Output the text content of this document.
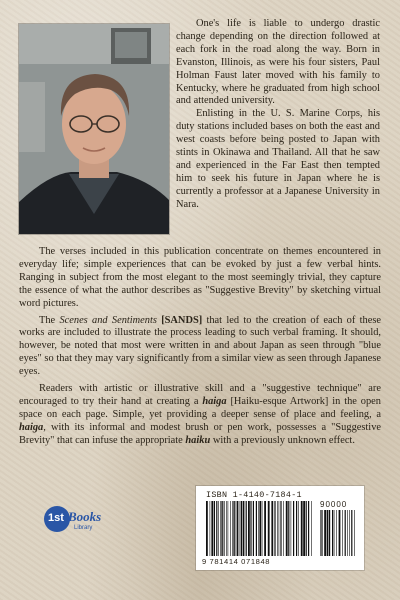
One's life is liable to undergo drastic change depending on the direction followed at each fork in the road along the way. Born in Evanston, Illinois, as were his four sisters, Paul Holman Faust later moved with his family to Kentucky, where he graduated from high school and attended university.

Enlisting in the U. S. Marine Corps, his duty stations included bases on both the east and west coasts before being posted to Japan with stints in Okinawa and Thailand. All that he saw and experienced in the Far East then tempted him to seek his future in Japan where he is currently a professor at a Japanese University in Nara.

The verses included in this publication concentrate on themes encountered in everyday life; simple experiences that can be evoked by just a few verbal hints. Ranging in subject from the most elegant to the most seemingly trivial, they capture the essence of what the author describes as "Suggestive Brevity" by sketching virtual word pictures.

The Scenes and Sentiments [SANDS] that led to the creation of each of these works are included to illustrate the process leading to such verbal framing. It should, however, be noted that most were written in and about Japan as seen through "blue eyes" so that they may vary significantly from a similar view as seen through Japanese eyes.

Readers with artistic or illustrative skill and a "suggestive technique" are encouraged to try their hand at creating a haiga [Haiku-esque Artwork] in the open space on each page. Simple, yet providing a deeper sense of place and feeling, a haiga, with its informal and modest brush or pen work, possesses a "Suggestive Brevity" that can infuse the appropriate haiku with a previously unknown effect.

1st Books
Library
ISBN 1-4140-7184-1
90000
9 781414 071848
